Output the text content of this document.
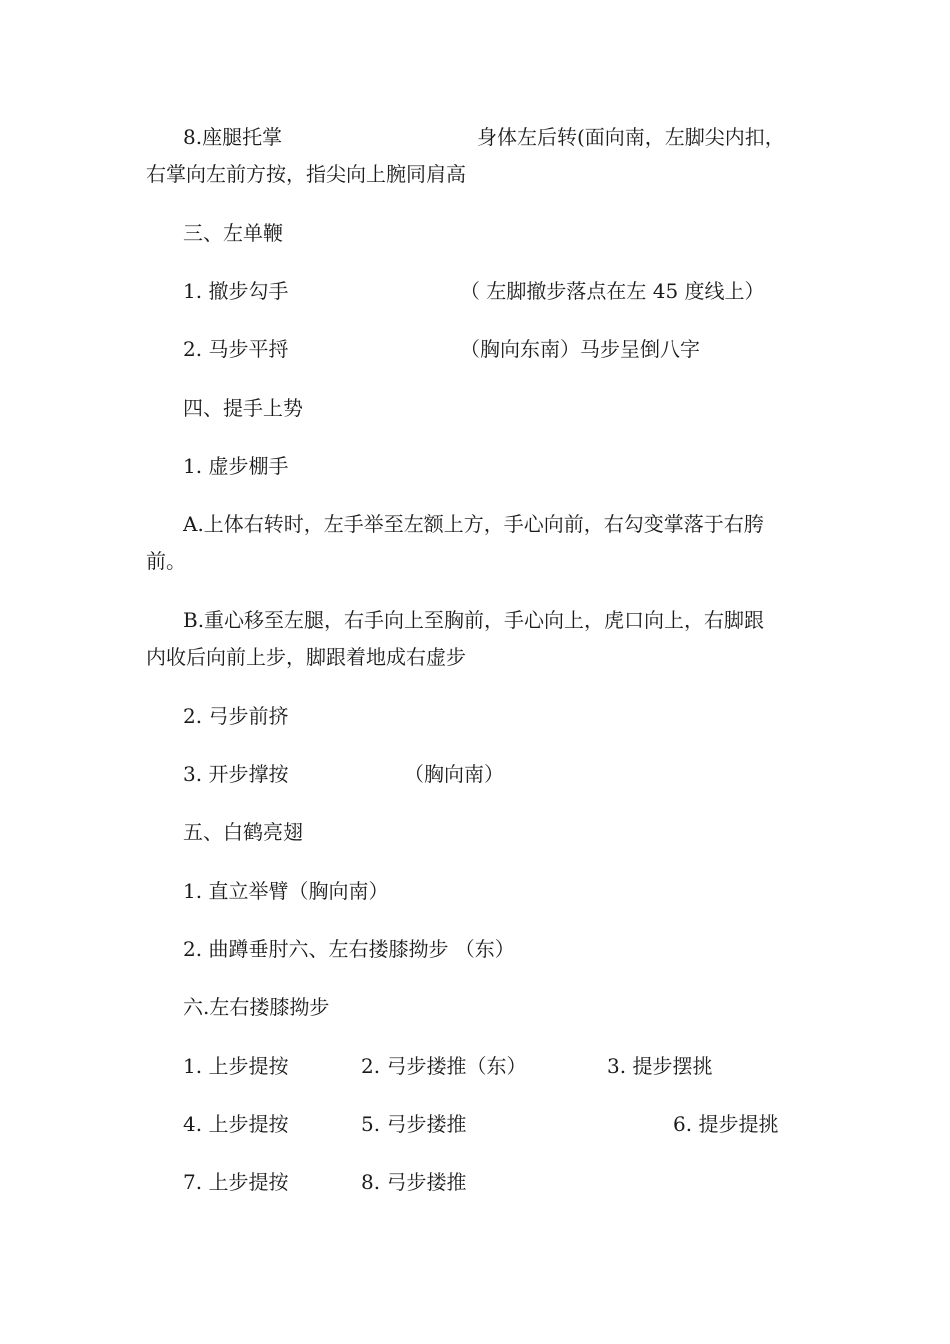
8.座腿托掌	身体左后转(面向南，左脚尖内扣，
右掌向左前方按，指尖向上腕同肩高
三、左单鞭
1. 撤步勾手	（ 左脚撤步落点在左 45 度线上）
2. 马步平捋	（胸向东南）马步呈倒八字
四、提手上势
1. 虚步棚手
A.上体右转时，左手举至左额上方，手心向前，右勾变掌落于右胯
前。
B.重心移至左腿，右手向上至胸前，手心向上，虎口向上，右脚跟
内收后向前上步，脚跟着地成右虚步
2. 弓步前挤
3. 开步撑按	（胸向南）
五、白鹤亮翅
1. 直立举臂（胸向南）
2. 曲蹲垂肘六、左右搂膝拗步 （东）
六.左右搂膝拗步
1. 上步提按	2. 弓步搂推（东）	3. 提步摆挑
4. 上步提按	5. 弓步搂推	6. 提步提挑
7. 上步提按	8. 弓步搂推
